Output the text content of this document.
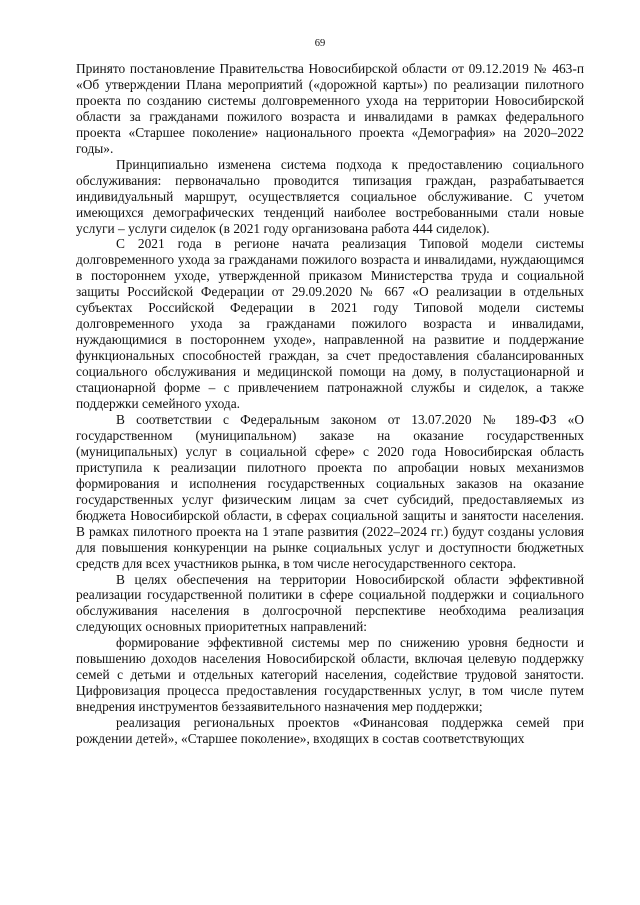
69

Принято постановление Правительства Новосибирской области от 09.12.2019 № 463-п «Об утверждении Плана мероприятий («дорожной карты») по реализации пилотного проекта по созданию системы долговременного ухода на территории Новосибирской области за гражданами пожилого возраста и инвалидами в рамках федерального проекта «Старшее поколение» национального проекта «Демография» на 2020–2022 годы».

Принципиально изменена система подхода к предоставлению социального обслуживания: первоначально проводится типизация граждан, разрабатывается индивидуальный маршрут, осуществляется социальное обслуживание. С учетом имеющихся демографических тенденций наиболее востребованными стали новые услуги – услуги сиделок (в 2021 году организована работа 444 сиделок).

С 2021 года в регионе начата реализация Типовой модели системы долговременного ухода за гражданами пожилого возраста и инвалидами, нуждающимся в постороннем уходе, утвержденной приказом Министерства труда и социальной защиты Российской Федерации от 29.09.2020 № 667 «О реализации в отдельных субъектах Российской Федерации в 2021 году Типовой модели системы долговременного ухода за гражданами пожилого возраста и инвалидами, нуждающимися в постороннем уходе», направленной на развитие и поддержание функциональных способностей граждан, за счет предоставления сбалансированных социального обслуживания и медицинской помощи на дому, в полустационарной и стационарной форме – с привлечением патронажной службы и сиделок, а также поддержки семейного ухода.

В соответствии с Федеральным законом от 13.07.2020 № 189-ФЗ «О государственном (муниципальном) заказе на оказание государственных (муниципальных) услуг в социальной сфере» с 2020 года Новосибирская область приступила к реализации пилотного проекта по апробации новых механизмов формирования и исполнения государственных социальных заказов на оказание государственных услуг физическим лицам за счет субсидий, предоставляемых из бюджета Новосибирской области, в сферах социальной защиты и занятости населения. В рамках пилотного проекта на 1 этапе развития (2022–2024 гг.) будут созданы условия для повышения конкуренции на рынке социальных услуг и доступности бюджетных средств для всех участников рынка, в том числе негосударственного сектора.

В целях обеспечения на территории Новосибирской области эффективной реализации государственной политики в сфере социальной поддержки и социального обслуживания населения в долгосрочной перспективе необходима реализация следующих основных приоритетных направлений:

формирование эффективной системы мер по снижению уровня бедности и повышению доходов населения Новосибирской области, включая целевую поддержку семей с детьми и отдельных категорий населения, содействие трудовой занятости. Цифровизация процесса предоставления государственных услуг, в том числе путем внедрения инструментов беззаявительного назначения мер поддержки;

реализация региональных проектов «Финансовая поддержка семей при рождении детей», «Старшее поколение», входящих в состав соответствующих
